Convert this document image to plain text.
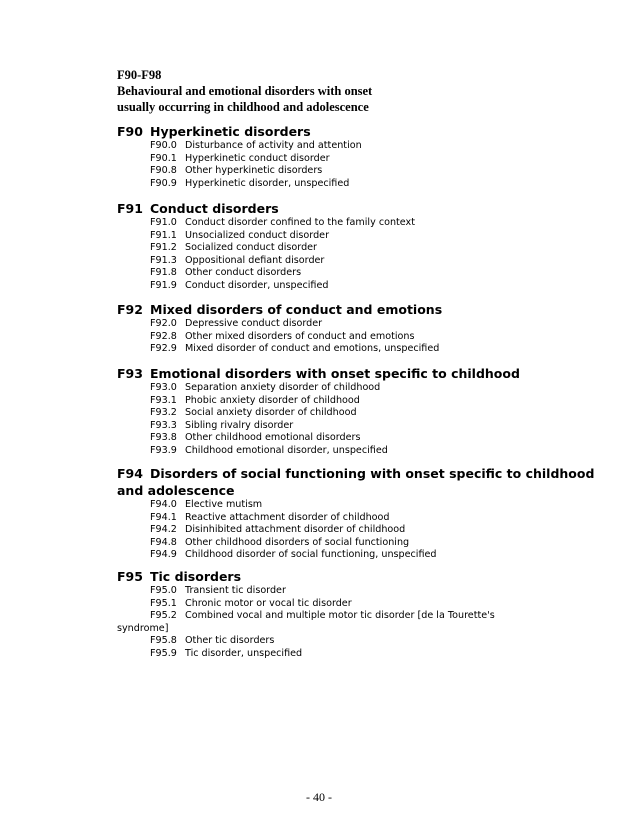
F90-F98
Behavioural and emotional disorders with onset
usually occurring in childhood and adolescence
F90 Hyperkinetic disorders
F90.0 Disturbance of activity and attention
F90.1 Hyperkinetic conduct disorder
F90.8 Other hyperkinetic disorders
F90.9 Hyperkinetic disorder, unspecified
F91 Conduct disorders
F91.0 Conduct disorder confined to the family context
F91.1 Unsocialized conduct disorder
F91.2 Socialized conduct disorder
F91.3 Oppositional defiant disorder
F91.8 Other conduct disorders
F91.9 Conduct disorder, unspecified
F92 Mixed disorders of conduct and emotions
F92.0 Depressive conduct disorder
F92.8 Other mixed disorders of conduct and emotions
F92.9 Mixed disorder of conduct and emotions, unspecified
F93 Emotional disorders with onset specific to childhood
F93.0 Separation anxiety disorder of childhood
F93.1 Phobic anxiety disorder of childhood
F93.2 Social anxiety disorder of childhood
F93.3 Sibling rivalry disorder
F93.8 Other childhood emotional disorders
F93.9 Childhood emotional disorder, unspecified
F94 Disorders of social functioning with onset specific to childhood
and adolescence
F94.0 Elective mutism
F94.1 Reactive attachment disorder of childhood
F94.2 Disinhibited attachment disorder of childhood
F94.8 Other childhood disorders of social functioning
F94.9 Childhood disorder of social functioning, unspecified
F95 Tic disorders
F95.0 Transient tic disorder
F95.1 Chronic motor or vocal tic disorder
F95.2 Combined vocal and multiple motor tic disorder [de la Tourette's
syndrome]
F95.8 Other tic disorders
F95.9 Tic disorder, unspecified
- 40 -
